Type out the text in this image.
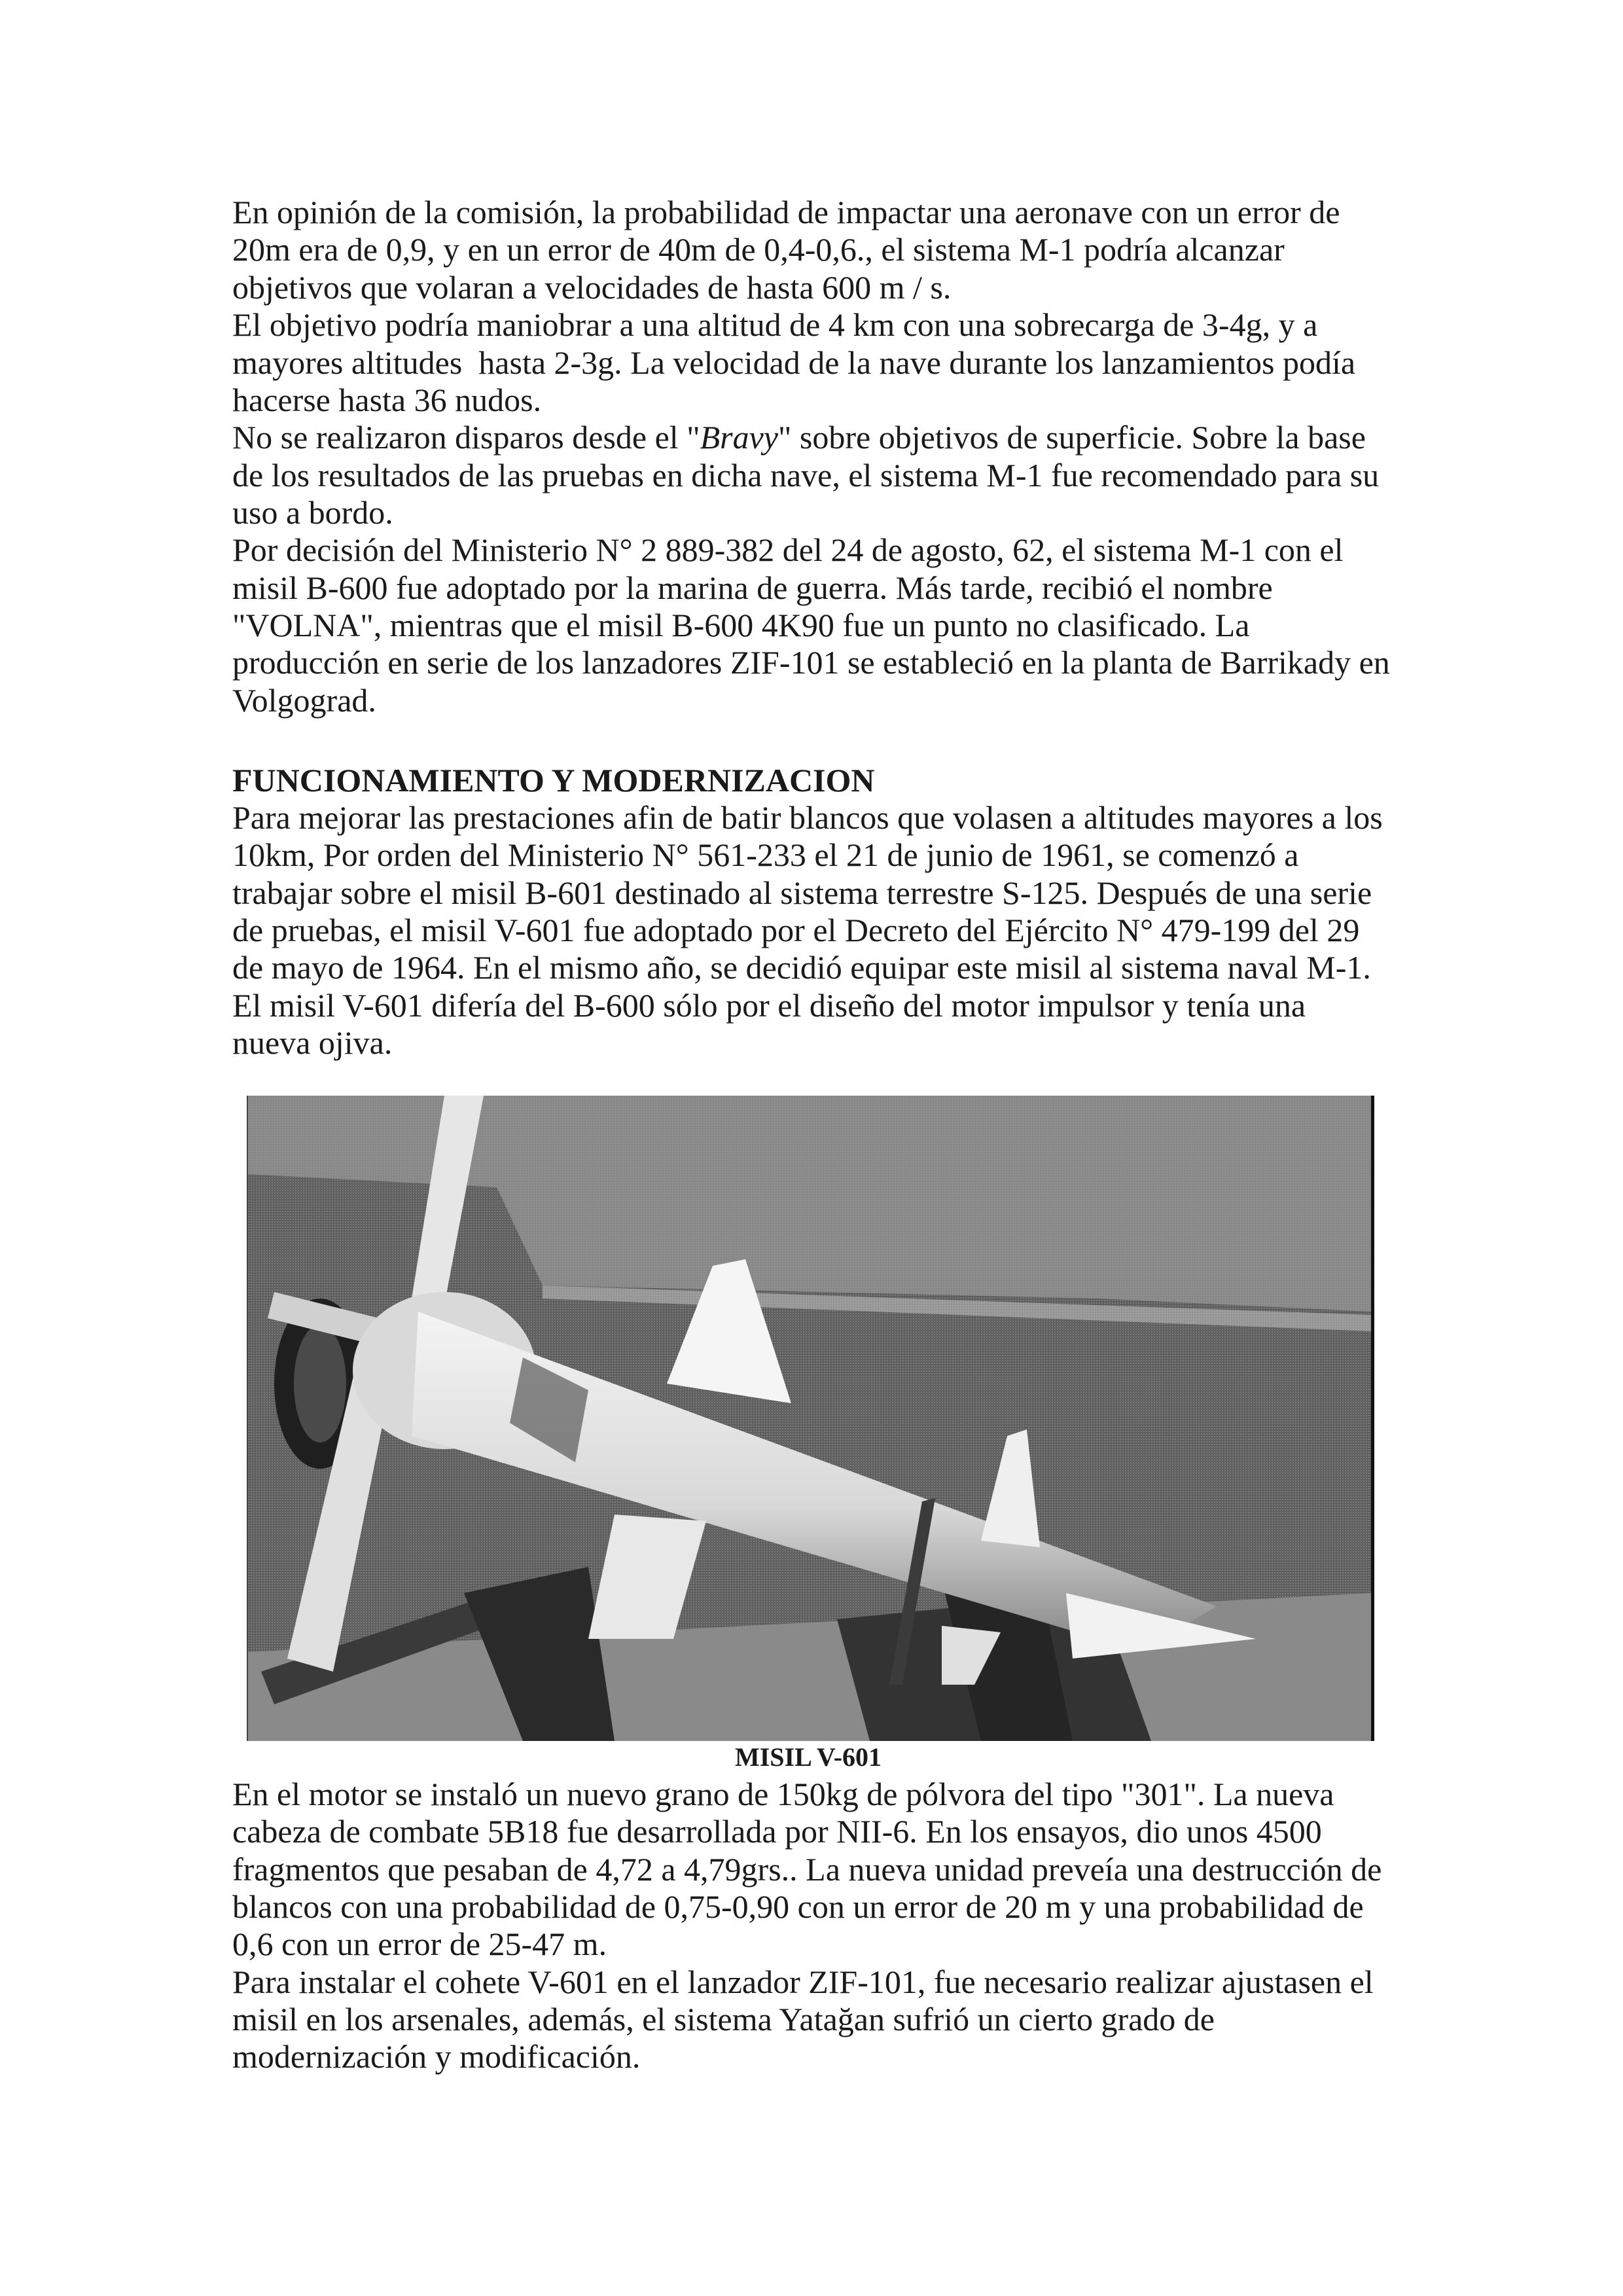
En opinión de la comisión, la probabilidad de impactar una aeronave con un error de
20m era de 0,9, y en un error de 40m de 0,4-0,6., el sistema M-1 podría alcanzar
objetivos que volaran a velocidades de hasta 600 m / s.
El objetivo podría maniobrar a una altitud de 4 km con una sobrecarga de 3-4g, y a
mayores altitudes  hasta 2-3g. La velocidad de la nave durante los lanzamientos podía
hacerse hasta 36 nudos.
No se realizaron disparos desde el "Bravy" sobre objetivos de superficie. Sobre la base
de los resultados de las pruebas en dicha nave, el sistema M-1 fue recomendado para su
uso a bordo.
Por decisión del Ministerio N° 2 889-382 del 24 de agosto, 62, el sistema M-1 con el
misil B-600 fue adoptado por la marina de guerra. Más tarde, recibió el nombre
"VOLNA", mientras que el misil B-600 4K90 fue un punto no clasificado. La
producción en serie de los lanzadores ZIF-101 se estableció en la planta de Barrikady en
Volgograd.
FUNCIONAMIENTO Y MODERNIZACION
Para mejorar las prestaciones afin de batir blancos que volasen a altitudes mayores a los
10km, Por orden del Ministerio N° 561-233 el 21 de junio de 1961, se comenzó a
trabajar sobre el misil B-601 destinado al sistema terrestre S-125. Después de una serie
de pruebas, el misil V-601 fue adoptado por el Decreto del Ejército N° 479-199 del 29
de mayo de 1964. En el mismo año, se decidió equipar este misil al sistema naval M-1.
El misil V-601 difería del B-600 sólo por el diseño del motor impulsor y tenía una
nueva ojiva.
MISIL V-601
En el motor se instaló un nuevo grano de 150kg de pólvora del tipo "301". La nueva
cabeza de combate 5B18 fue desarrollada por NII-6. En los ensayos, dio unos 4500
fragmentos que pesaban de 4,72 a 4,79grs.. La nueva unidad preveía una destrucción de
blancos con una probabilidad de 0,75-0,90 con un error de 20 m y una probabilidad de
0,6 con un error de 25-47 m.
Para instalar el cohete V-601 en el lanzador ZIF-101, fue necesario realizar ajustasen el
misil en los arsenales, además, el sistema Yatağan sufrió un cierto grado de
modernización y modificación.
